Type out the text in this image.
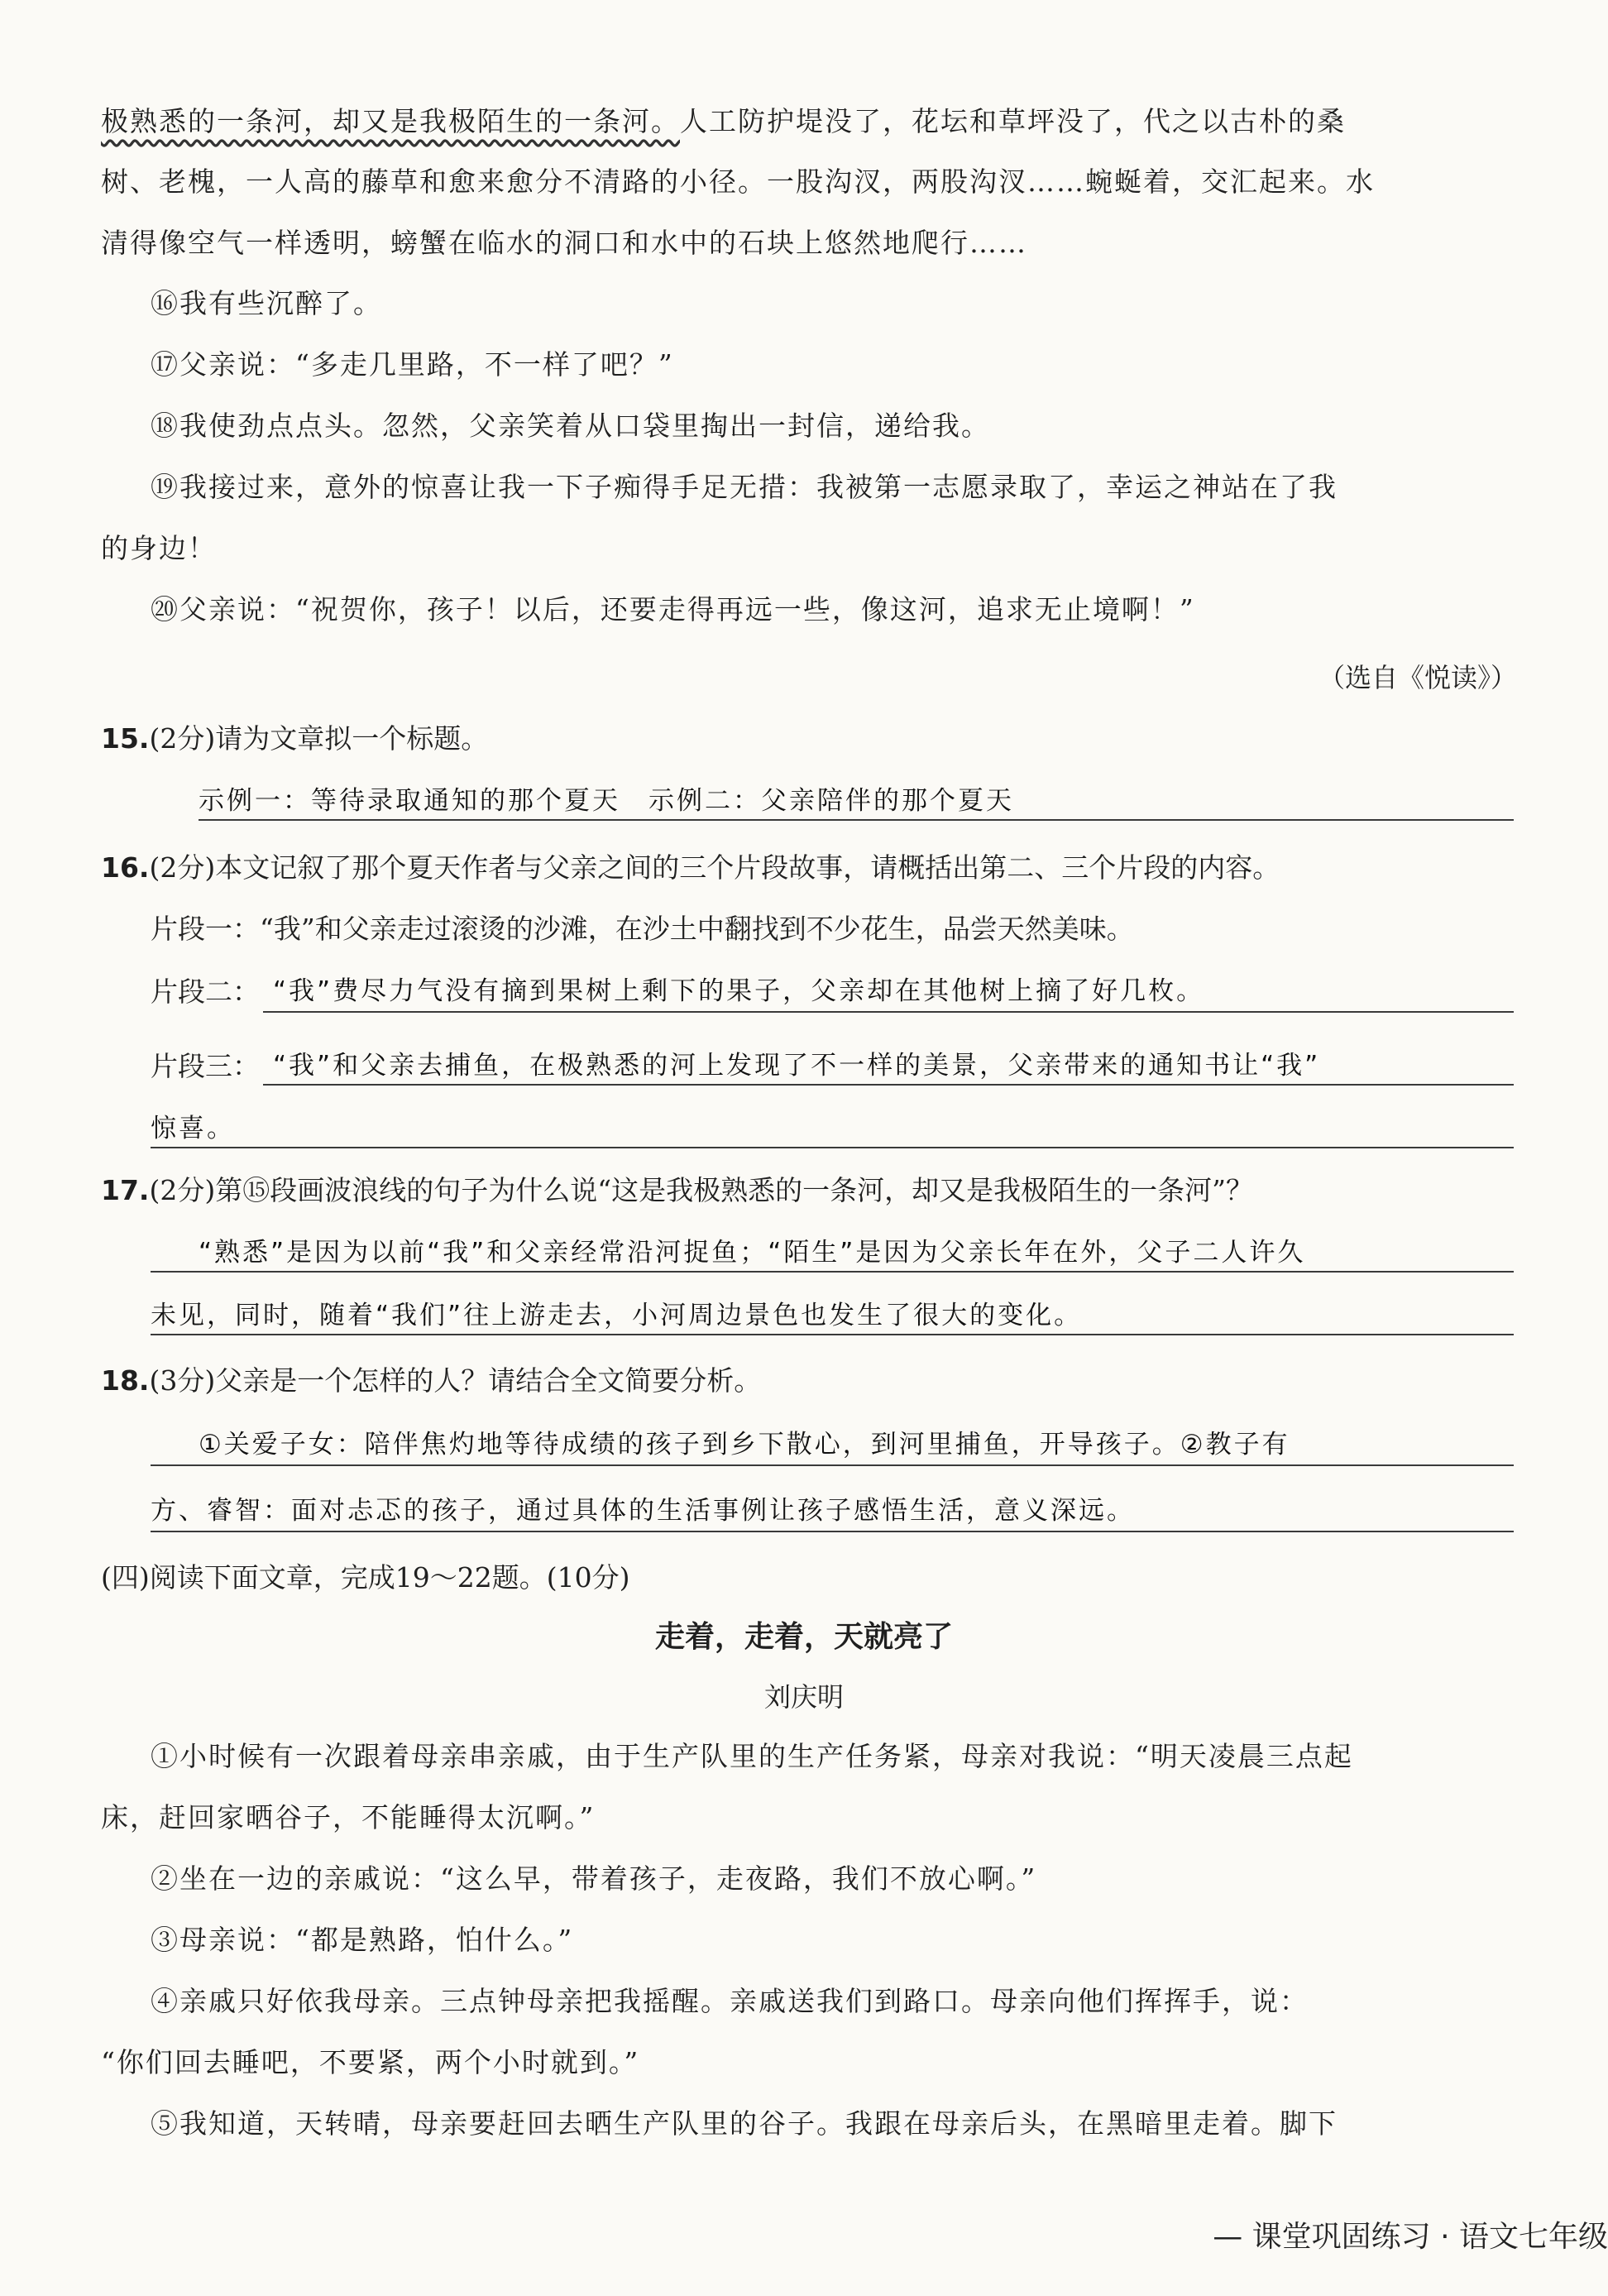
极熟悉的一条河，却又是我极陌生的一条河。人工防护堤没了，花坛和草坪没了，代之以古朴的桑
树、老槐，一人高的藤草和愈来愈分不清路的小径。一股沟汊，两股沟汊……蜿蜒着，交汇起来。水
清得像空气一样透明，螃蟹在临水的洞口和水中的石块上悠然地爬行……
⑯我有些沉醉了。
⑰父亲说：“多走几里路，不一样了吧？”
⑱我使劲点点头。忽然，父亲笑着从口袋里掏出一封信，递给我。
⑲我接过来，意外的惊喜让我一下子痴得手足无措：我被第一志愿录取了，幸运之神站在了我
的身边！
⑳父亲说：“祝贺你，孩子！以后，还要走得再远一些，像这河，追求无止境啊！”
（选自《悦读》）
15.(2分)请为文章拟一个标题。
示例一：等待录取通知的那个夏天　示例二：父亲陪伴的那个夏天
16.(2分)本文记叙了那个夏天作者与父亲之间的三个片段故事，请概括出第二、三个片段的内容。
片段一：“我”和父亲走过滚烫的沙滩，在沙土中翻找到不少花生，品尝天然美味。
片段二： “我”费尽力气没有摘到果树上剩下的果子，父亲却在其他树上摘了好几枚。
片段三： “我”和父亲去捕鱼，在极熟悉的河上发现了不一样的美景，父亲带来的通知书让“我”
惊喜。
17.(2分)第⑮段画波浪线的句子为什么说“这是我极熟悉的一条河，却又是我极陌生的一条河”？
“熟悉”是因为以前“我”和父亲经常沿河捉鱼；“陌生”是因为父亲长年在外，父子二人许久
未见，同时，随着“我们”往上游走去，小河周边景色也发生了很大的变化。
18.(3分)父亲是一个怎样的人？请结合全文简要分析。
①关爱子女：陪伴焦灼地等待成绩的孩子到乡下散心，到河里捕鱼，开导孩子。②教子有
方、睿智：面对忐忑的孩子，通过具体的生活事例让孩子感悟生活，意义深远。
(四)阅读下面文章，完成19～22题。(10分)
走着，走着，天就亮了
刘庆明
①小时候有一次跟着母亲串亲戚，由于生产队里的生产任务紧，母亲对我说：“明天凌晨三点起
床，赶回家晒谷子，不能睡得太沉啊。”
②坐在一边的亲戚说：“这么早，带着孩子，走夜路，我们不放心啊。”
③母亲说：“都是熟路，怕什么。”
④亲戚只好依我母亲。三点钟母亲把我摇醒。亲戚送我们到路口。母亲向他们挥挥手，说：
“你们回去睡吧，不要紧，两个小时就到。”
⑤我知道，天转晴，母亲要赶回去晒生产队里的谷子。我跟在母亲后头，在黑暗里走着。脚下
— 课堂巩固练习 · 语文七年级
